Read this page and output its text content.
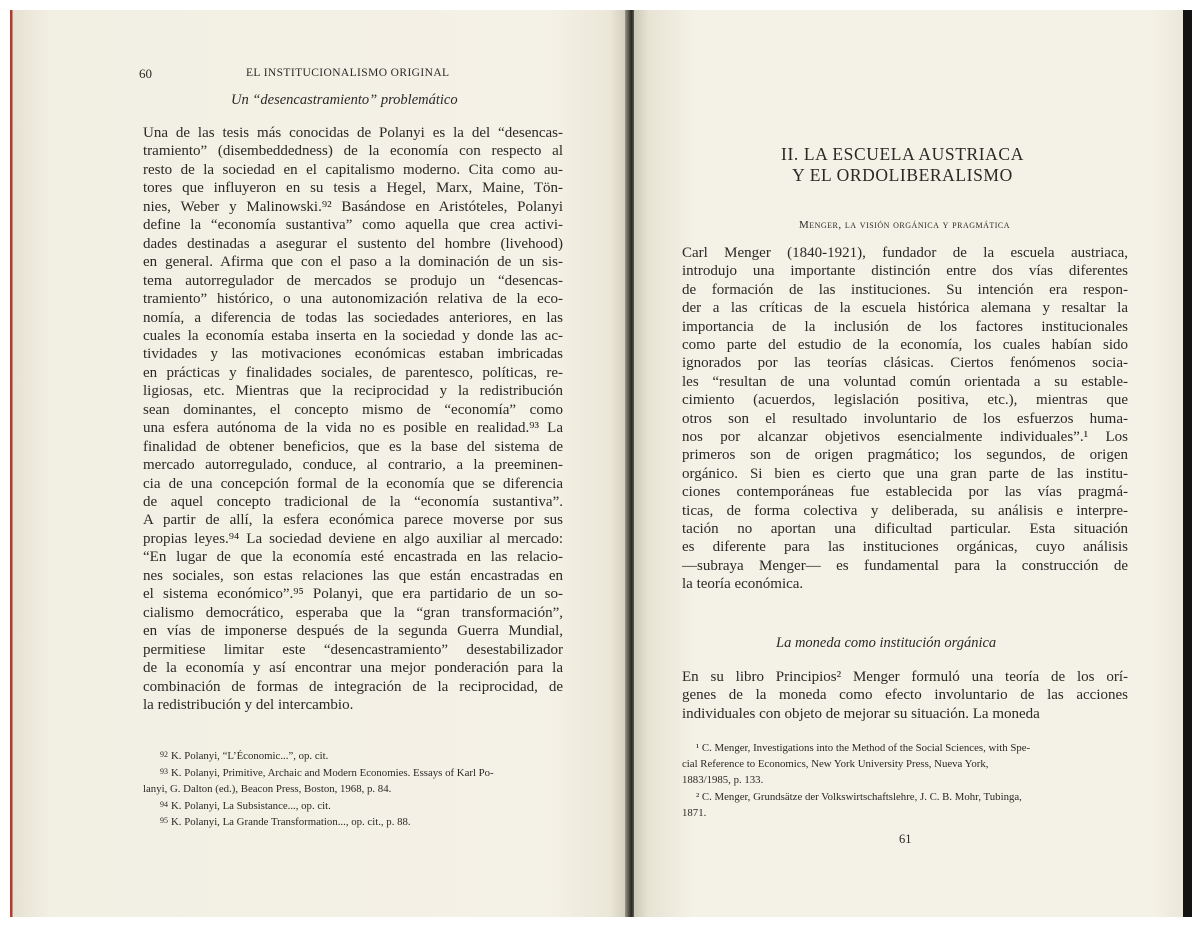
60	EL INSTITUCIONALISMO ORIGINAL
Un “desencastramiento” problemático
Una de las tesis más conocidas de Polanyi es la del “desencas-
tramiento” (disembeddedness) de la economía con respecto al
resto de la sociedad en el capitalismo moderno. Cita como au-
tores que influyeron en su tesis a Hegel, Marx, Maine, Tön-
nies, Weber y Malinowski.⁹² Basándose en Aristóteles, Polanyi
define la “economía sustantiva” como aquella que crea activi-
dades destinadas a asegurar el sustento del hombre (livehood)
en general. Afirma que con el paso a la dominación de un sis-
tema autorregulador de mercados se produjo un “desencas-
tramiento” histórico, o una autonomización relativa de la eco-
nomía, a diferencia de todas las sociedades anteriores, en las
cuales la economía estaba inserta en la sociedad y donde las ac-
tividades y las motivaciones económicas estaban imbricadas
en prácticas y finalidades sociales, de parentesco, políticas, re-
ligiosas, etc. Mientras que la reciprocidad y la redistribución
sean dominantes, el concepto mismo de “economía” como
una esfera autónoma de la vida no es posible en realidad.⁹³ La
finalidad de obtener beneficios, que es la base del sistema de
mercado autorregulado, conduce, al contrario, a la preeminen-
cia de una concepción formal de la economía que se diferencia
de aquel concepto tradicional de la “economía sustantiva”.
A partir de allí, la esfera económica parece moverse por sus
propias leyes.⁹⁴ La sociedad deviene en algo auxiliar al mercado:
“En lugar de que la economía esté encastrada en las relacio-
nes sociales, son estas relaciones las que están encastradas en
el sistema económico”.⁹⁵ Polanyi, que era partidario de un so-
cialismo democrático, esperaba que la “gran transformación”,
en vías de imponerse después de la segunda Guerra Mundial,
permitiese limitar este “desencastramiento” desestabilizador
de la economía y así encontrar una mejor ponderación para la
combinación de formas de integración de la reciprocidad, de
la redistribución y del intercambio.
92 K. Polanyi, “L’Économic...”, op. cit.
93 K. Polanyi, Primitive, Archaic and Modern Economies. Essays of Karl Po-
lanyi, G. Dalton (ed.), Beacon Press, Boston, 1968, p. 84.
94 K. Polanyi, La Subsistance..., op. cit.
95 K. Polanyi, La Grande Transformation..., op. cit., p. 88.
II. LA ESCUELA AUSTRIACA
Y EL ORDOLIBERALISMO
Menger, la visión orgánica y pragmática
Carl Menger (1840-1921), fundador de la escuela austriaca,
introdujo una importante distinción entre dos vías diferentes
de formación de las instituciones. Su intención era respon-
der a las críticas de la escuela histórica alemana y resaltar la
importancia de la inclusión de los factores institucionales
como parte del estudio de la economía, los cuales habían sido
ignorados por las teorías clásicas. Ciertos fenómenos socia-
les “resultan de una voluntad común orientada a su estable-
cimiento (acuerdos, legislación positiva, etc.), mientras que
otros son el resultado involuntario de los esfuerzos huma-
nos por alcanzar objetivos esencialmente individuales”.¹ Los
primeros son de origen pragmático; los segundos, de origen
orgánico. Si bien es cierto que una gran parte de las institu-
ciones contemporáneas fue establecida por las vías pragmá-
ticas, de forma colectiva y deliberada, su análisis e interpre-
tación no aportan una dificultad particular. Esta situación
es diferente para las instituciones orgánicas, cuyo análisis
—subraya Menger— es fundamental para la construcción de
la teoría económica.
La moneda como institución orgánica
En su libro Principios² Menger formuló una teoría de los orí-
genes de la moneda como efecto involuntario de las acciones
individuales con objeto de mejorar su situación. La moneda
¹ C. Menger, Investigations into the Method of the Social Sciences, with Spe-
cial Reference to Economics, New York University Press, Nueva York,
1883/1985, p. 133.
² C. Menger, Grundsätze der Volkswirtschaftslehre, J. C. B. Mohr, Tubinga,
1871.
61
